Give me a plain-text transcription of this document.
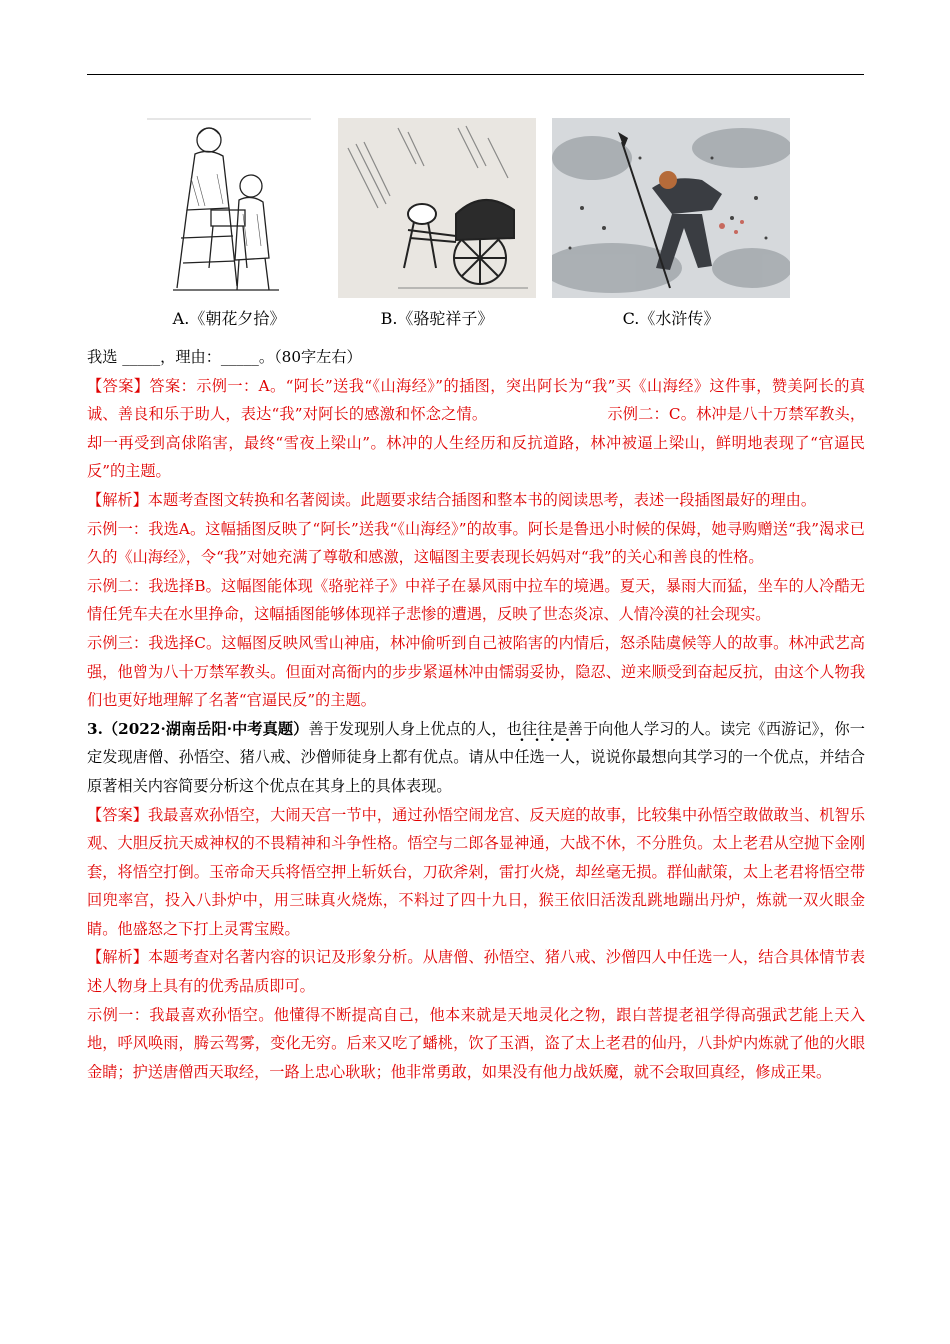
A.《朝花夕拾》	B.《骆驼祥子》	C.《水浒传》

我选 _____，理由：_____。（80字左右）

【答案】答案：示例一：A。“阿长”送我“《山海经》”的插图，突出阿长为“我”买《山海经》这件事，赞美阿长的真诚、善良和乐于助人，表达“我”对阿长的感激和怀念之情。	示例二：C。林冲是八十万禁军教头，却一再受到高俅陷害，最终“雪夜上梁山”。林冲的人生经历和反抗道路，林冲被逼上梁山，鲜明地表现了“官逼民反”的主题。

【解析】本题考查图文转换和名著阅读。此题要求结合插图和整本书的阅读思考，表述一段插图最好的理由。

示例一：我选A。这幅插图反映了“阿长”送我“《山海经》”的故事。阿长是鲁迅小时候的保姆，她寻购赠送“我”渴求已久的《山海经》，令“我”对她充满了尊敬和感激，这幅图主要表现长妈妈对“我”的关心和善良的性格。

示例二：我选择B。这幅图能体现《骆驼祥子》中祥子在暴风雨中拉车的境遇。夏天，暴雨大而猛，坐车的人冷酷无情任凭车夫在水里挣命，这幅插图能够体现祥子悲惨的遭遇，反映了世态炎凉、人情冷漠的社会现实。

示例三：我选择C。这幅图反映风雪山神庙，林冲偷听到自己被陷害的内情后，怒杀陆虞候等人的故事。林冲武艺高强，他曾为八十万禁军教头。但面对高衙内的步步紧逼林冲由懦弱妥协，隐忍、逆来顺受到奋起反抗，由这个人物我们也更好地理解了名著“官逼民反”的主题。

3.（2022·湖南岳阳·中考真题）善于发现别人身上优点的人，也往往是善于向他人学习的人。读完《西游记》，你一定发现唐僧、孙悟空、猪八戒、沙僧师徒身上都有优点。请从中任选一人，说说你最想向其学习的一个优点，并结合原著相关内容简要分析这个优点在其身上的具体表现。

【答案】我最喜欢孙悟空，大闹天宫一节中，通过孙悟空闹龙宫、反天庭的故事，比较集中孙悟空敢做敢当、机智乐观、大胆反抗天威神权的不畏精神和斗争性格。悟空与二郎各显神通，大战不休，不分胜负。太上老君从空抛下金刚套，将悟空打倒。玉帝命天兵将悟空押上斩妖台，刀砍斧剁，雷打火烧，却丝毫无损。群仙献策，太上老君将悟空带回兜率宫，投入八卦炉中，用三昧真火烧炼，不料过了四十九日，猴王依旧活泼乱跳地蹦出丹炉，炼就一双火眼金睛。他盛怒之下打上灵霄宝殿。

【解析】本题考查对名著内容的识记及形象分析。从唐僧、孙悟空、猪八戒、沙僧四人中任选一人，结合具体情节表述人物身上具有的优秀品质即可。

示例一：我最喜欢孙悟空。他懂得不断提高自己，他本来就是天地灵化之物，跟白菩提老祖学得高强武艺能上天入地，呼风唤雨，腾云驾雾，变化无穷。后来又吃了蟠桃，饮了玉酒，盗了太上老君的仙丹，八卦炉内炼就了他的火眼金睛；护送唐僧西天取经，一路上忠心耿耿；他非常勇敢，如果没有他力战妖魔，就不会取回真经，修成正果。
